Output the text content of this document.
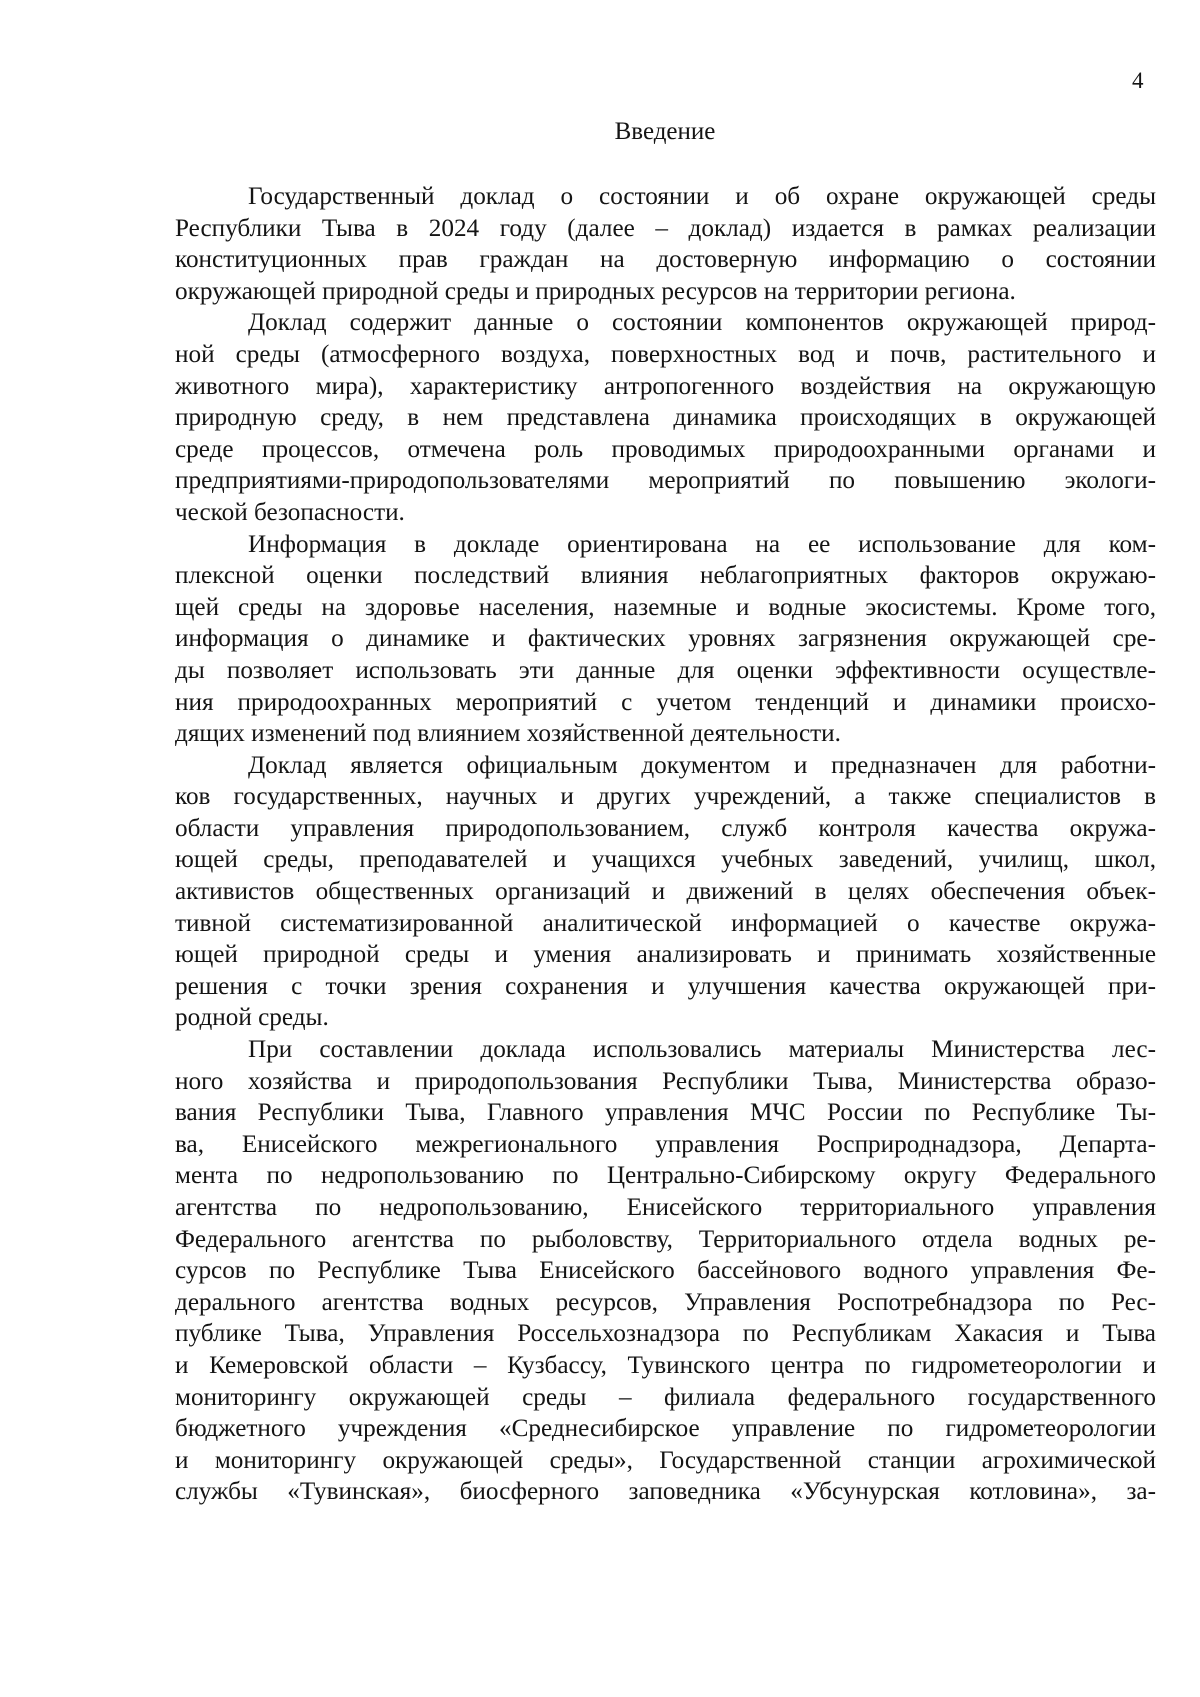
4
Введение

Государственный доклад о состоянии и об охране окружающей среды
Республики Тыва в 2024 году (далее – доклад) издается в рамках реализации
конституционных прав граждан на достоверную информацию о состоянии
окружающей природной среды и природных ресурсов на территории региона.

Доклад содержит данные о состоянии компонентов окружающей природ-
ной среды (атмосферного воздуха, поверхностных вод и почв, растительного и
животного мира), характеристику антропогенного воздействия на окружающую
природную среду, в нем представлена динамика происходящих в окружающей
среде процессов, отмечена роль проводимых природоохранными органами и
предприятиями-природопользователями мероприятий по повышению экологи-
ческой безопасности.

Информация в докладе ориентирована на ее использование для ком-
плексной оценки последствий влияния неблагоприятных факторов окружаю-
щей среды на здоровье населения, наземные и водные экосистемы. Кроме того,
информация о динамике и фактических уровнях загрязнения окружающей сре-
ды позволяет использовать эти данные для оценки эффективности осуществле-
ния природоохранных мероприятий с учетом тенденций и динамики происхо-
дящих изменений под влиянием хозяйственной деятельности.

Доклад является официальным документом и предназначен для работни-
ков государственных, научных и других учреждений, а также специалистов в
области управления природопользованием, служб контроля качества окружа-
ющей среды, преподавателей и учащихся учебных заведений, училищ, школ,
активистов общественных организаций и движений в целях обеспечения объек-
тивной систематизированной аналитической информацией о качестве окружа-
ющей природной среды и умения анализировать и принимать хозяйственные
решения с точки зрения сохранения и улучшения качества окружающей при-
родной среды.

При составлении доклада использовались материалы Министерства лес-
ного хозяйства и природопользования Республики Тыва, Министерства образо-
вания Республики Тыва, Главного управления МЧС России по Республике Ты-
ва, Енисейского межрегионального управления Росприроднадзора, Департа-
мента по недропользованию по Центрально-Сибирскому округу Федерального
агентства по недропользованию, Енисейского территориального управления
Федерального агентства по рыболовству, Территориального отдела водных ре-
сурсов по Республике Тыва Енисейского бассейнового водного управления Фе-
дерального агентства водных ресурсов, Управления Роспотребнадзора по Рес-
публике Тыва, Управления Россельхознадзора по Республикам Хакасия и Тыва
и Кемеровской области – Кузбассу, Тувинского центра по гидрометеорологии и
мониторингу окружающей среды – филиала федерального государственного
бюджетного учреждения «Среднесибирское управление по гидрометеорологии
и мониторингу окружающей среды», Государственной станции агрохимической
службы «Тувинская», биосферного заповедника «Убсунурская котловина», за-
